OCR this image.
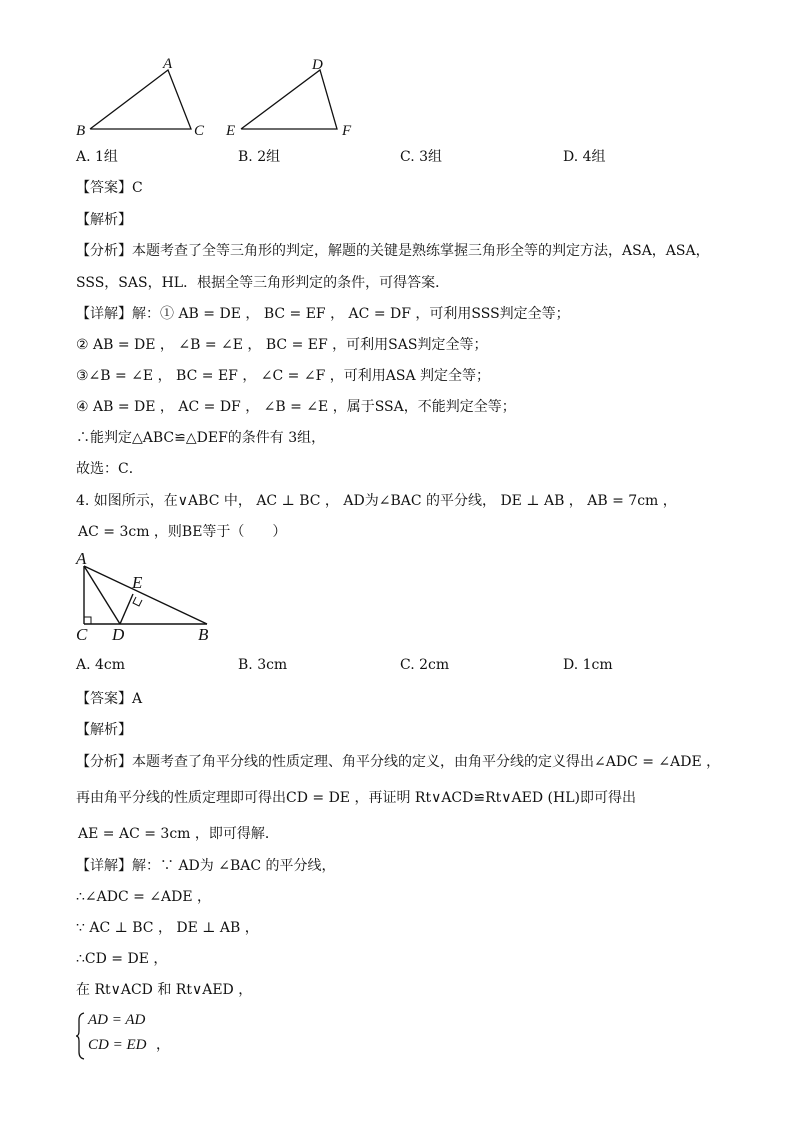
A
B	C
D
E	F
A. 1组	B. 2组	C. 3组	D. 4组
【答案】C
【解析】
【分析】本题考查了全等三角形的判定，解题的关键是熟练掌握三角形全等的判定方法，ASA，ASA，
SSS，SAS，HL．根据全等三角形判定的条件，可得答案．
【详解】解：① AB = DE ， BC = EF ， AC = DF ，可利用SSS判定全等；
② AB = DE ， ∠B = ∠E ， BC = EF ，可利用SAS判定全等；
③∠B = ∠E ， BC = EF ， ∠C = ∠F ，可利用ASA 判定全等；
④ AB = DE ， AC = DF ， ∠B = ∠E ，属于SSA，不能判定全等；
∴能判定△ABC≌△DEF的条件有 3组，
故选：C．
4. 如图所示，在∨ABC 中， AC ⊥ BC ， AD为∠BAC 的平分线， DE ⊥ AB ， AB = 7cm ，
AC = 3cm ，则BE等于（　　）
A
E
C D	B
A. 4cm	B. 3cm	C. 2cm	D. 1cm
【答案】A
【解析】
【分析】本题考查了角平分线的性质定理、角平分线的定义，由角平分线的定义得出∠ADC = ∠ADE ，
再由角平分线的性质定理即可得出CD = DE ，再证明 Rt∨ACD≌Rt∨AED (HL)即可得出
AE = AC = 3cm ，即可得解．
【详解】解：∵ AD为 ∠BAC 的平分线，
∴∠ADC = ∠ADE ，
∵ AC ⊥ BC ， DE ⊥ AB ，
∴CD = DE ，
在 Rt∨ACD 和 Rt∨AED ，
AD = AD
CD = ED ，
